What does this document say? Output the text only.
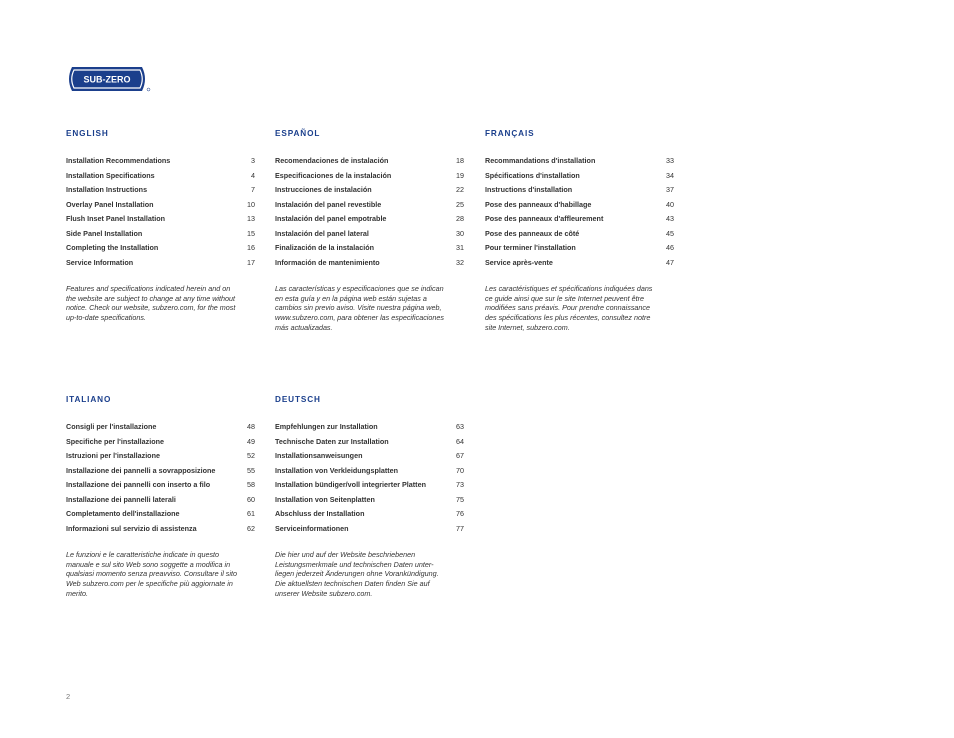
SUB-ZERO
ENGLISH
Installation Recommendations	3
Installation Specifications	4
Installation Instructions	7
Overlay Panel Installation	10
Flush Inset Panel Installation	13
Side Panel Installation	15
Completing the Installation	16
Service Information	17

Features and specifications indicated herein and on

the website are subject to change at any time without

notice. Check our website, subzero.com, for the most

up-to-date specifications.

ESPAÑOL
Recomendaciones de instalación	18
Especificaciones de la instalación	19
Instrucciones de instalación	22
Instalación del panel revestible	25
Instalación del panel empotrable	28
Instalación del panel lateral	30
Finalización de la instalación	31
Información de mantenimiento	32

Las características y especificaciones que se indican

en esta guía y en la página web están sujetas a

cambios sin previo aviso. Visite nuestra página web,

www.subzero.com, para obtener las especificaciones

más actualizadas.

FRANÇAIS
Recommandations d'installation	33
Spécifications d'installation	34
Instructions d'installation	37
Pose des panneaux d'habillage	40
Pose des panneaux d'affleurement	43
Pose des panneaux de côté	45
Pour terminer l'installation	46
Service après-vente	47

Les caractéristiques et spécifications indiquées dans

ce guide ainsi que sur le site Internet peuvent être

modifiées sans préavis. Pour prendre connaissance

des spécifications les plus récentes, consultez notre

site Internet, subzero.com.

ITALIANO
Consigli per l'installazione	48
Specifiche per l'installazione	49
Istruzioni per l'installazione	52
Installazione dei pannelli a sovrapposizione	55
Installazione dei pannelli con inserto a filo	58
Installazione dei pannelli laterali	60
Completamento dell'installazione	61
Informazioni sul servizio di assistenza	62

Le funzioni e le caratteristiche indicate in questo

manuale e sul sito Web sono soggette a modifica in

qualsiasi momento senza preavviso. Consultare il sito

Web subzero.com per le specifiche più aggiornate in

merito.

DEUTSCH
Empfehlungen zur Installation	63
Technische Daten zur Installation	64
Installationsanweisungen	67
Installation von Verkleidungsplatten	70
Installation bündiger/voll integrierter Platten	73
Installation von Seitenplatten	75
Abschluss der Installation	76
Serviceinformationen	77

Die hier und auf der Website beschriebenen

Leistungsmerkmale und technischen Daten unter-

liegen jederzeit Änderungen ohne Vorankündigung.

Die aktuellsten technischen Daten finden Sie auf

unserer Website subzero.com.

2
